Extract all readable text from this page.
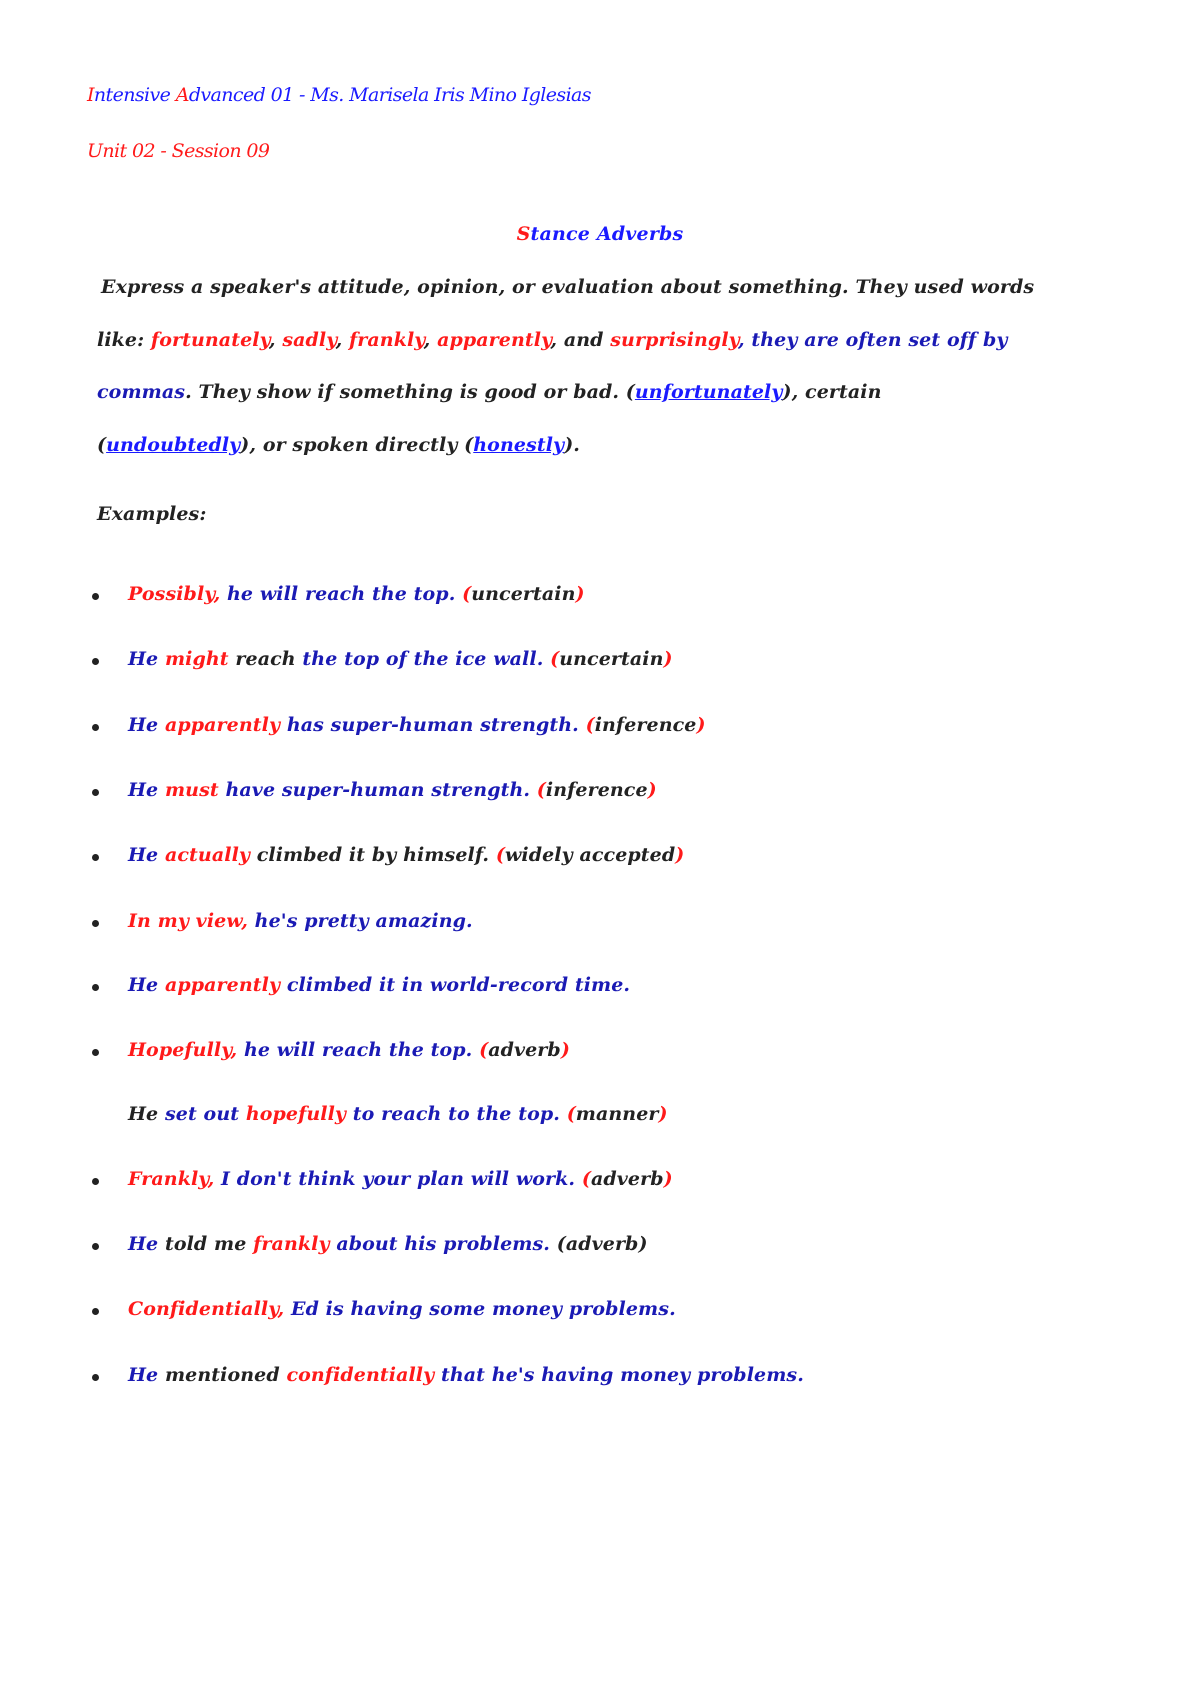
Intensive Advanced 01 - Ms. Marisela Iris Mino Iglesias
Unit 02 - Session 09
Stance Adverbs
Express a speaker's attitude, opinion, or evaluation about something. They used words
like: fortunately, sadly, frankly, apparently, and surprisingly, they are often set off by
commas. They show if something is good or bad. (unfortunately), certain
(undoubtedly), or spoken directly (honestly).
Examples:
Possibly, he will reach the top. (uncertain)
He might reach the top of the ice wall. (uncertain)
He apparently has super-human strength. (inference)
He must have super-human strength. (inference)
He actually climbed it by himself. (widely accepted)
In my view, he's pretty amazing.
He apparently climbed it in world-record time.
Hopefully, he will reach the top. (adverb)
He set out hopefully to reach to the top. (manner)
Frankly, I don't think your plan will work. (adverb)
He told me frankly about his problems. (adverb)
Confidentially, Ed is having some money problems.
He mentioned confidentially that he's having money problems.
